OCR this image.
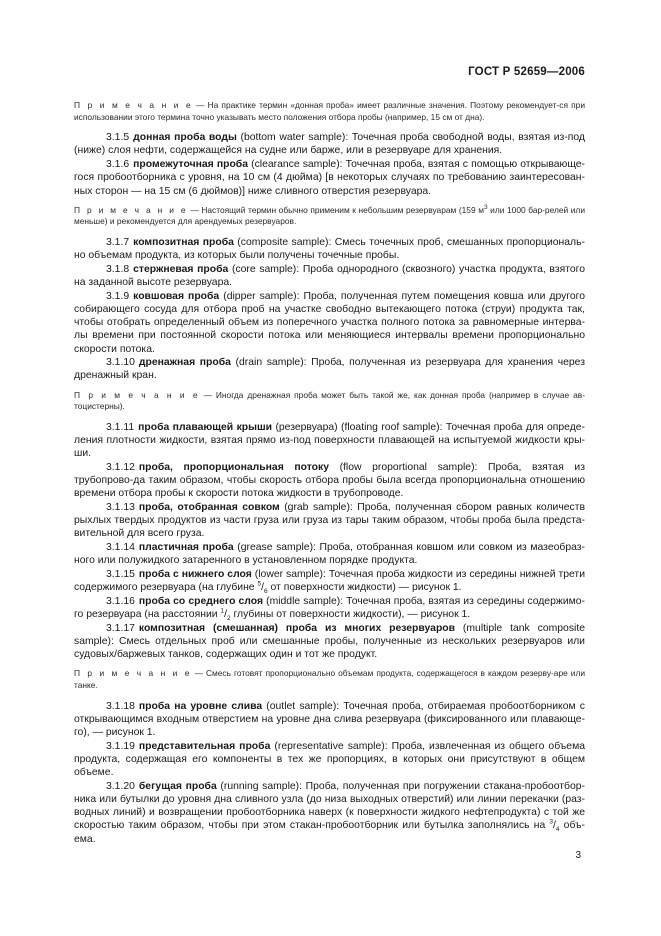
ГОСТ Р 52659—2006

П р и м е ч а н и е — На практике термин «донная проба» имеет различные значения. Поэтому рекомендует-ся при использовании этого термина точно указывать место положения отбора пробы (например, 15 см от дна).

3.1.5 донная проба воды (bottom water sample): Точечная проба свободной воды, взятая из-под (ниже) слоя нефти, содержащейся на судне или барже, или в резервуаре для хранения.

3.1.6 промежуточная проба (clearance sample): Точечная проба, взятая с помощью открывающе-гося пробоотборника с уровня, на 10 см (4 дюйма) [в некоторых случаях по требованию заинтересован-ных сторон — на 15 см (6 дюймов)] ниже сливного отверстия резервуара.

П р и м е ч а н и е — Настоящий термин обычно применим к небольшим резервуарам (159 $м^3$ или 1000 бар-релей или меньше) и рекомендуется для арендуемых резервуаров.

3.1.7 композитная проба (composite sample): Смесь точечных проб, смешанных пропорциональ-но объемам продукта, из которых были получены точечные пробы.

3.1.8 стержневая проба (core sample): Проба однородного (сквозного) участка продукта, взятого на заданной высоте резервуара.

3.1.9 ковшовая проба (dipper sample): Проба, полученная путем помещения ковша или другого собирающего сосуда для отбора проб на участке свободно вытекающего потока (струи) продукта так, чтобы отобрать определенный объем из поперечного участка полного потока за равномерные интерва-лы времени при постоянной скорости потока или меняющиеся интервалы времени пропорционально скорости потока.

3.1.10 дренажная проба (drain sample): Проба, полученная из резервуара для хранения через дренажный кран.

П р и м е ч а н и е — Иногда дренажная проба может быть такой же, как донная проба (например в случае ав-тоцистерны).

3.1.11 проба плавающей крыши (резервуара) (floating roof sample): Точечная проба для опреде-ления плотности жидкости, взятая прямо из-под поверхности плавающей на испытуемой жидкости кры-ши.

3.1.12 проба, пропорциональная потоку (flow proportional sample): Проба, взятая из трубопрово-да таким образом, чтобы скорость отбора пробы была всегда пропорциональна отношению времени отбора пробы к скорости потока жидкости в трубопроводе.

3.1.13 проба, отобранная совком (grab sample): Проба, полученная сбором равных количеств рыхлых твердых продуктов из части груза или груза из тары таким образом, чтобы проба была предста-вительной для всего груза.

3.1.14 пластичная проба (grease sample): Проба, отобранная ковшом или совком из мазеобраз-ного или полужидкого затаренного в установленном порядке продукта.

3.1.15 проба с нижнего слоя (lower sample): Точечная проба жидкости из середины нижней трети содержимого резервуара (на глубине $^5/_6$ от поверхности жидкости) — рисунок 1.

3.1.16 проба со среднего слоя (middle sample): Точечная проба, взятая из середины содержимо-го резервуара (на расстоянии $^1/_2$ глубины от поверхности жидкости), — рисунок 1.

3.1.17 композитная (смешанная) проба из многих резервуаров (multiple tank composite sample): Смесь отдельных проб или смешанные пробы, полученные из нескольких резервуаров или судовых/баржевых танков, содержащих один и тот же продукт.

П р и м е ч а н и е — Смесь готовят пропорционально объемам продукта, содержащегося в каждом резерву-аре или танке.

3.1.18 проба на уровне слива (outlet sample): Точечная проба, отбираемая пробоотборником с открывающимся входным отверстием на уровне дна слива резервуара (фиксированного или плавающе-го), — рисунок 1.

3.1.19 представительная проба (representative sample): Проба, извлеченная из общего объема продукта, содержащая его компоненты в тех же пропорциях, в которых они присутствуют в общем объеме.

3.1.20 бегущая проба (running sample): Проба, полученная при погружении стакана-пробоотбор-ника или бутылки до уровня дна сливного узла (до низа выходных отверстий) или линии перекачки (раз-водных линий) и возвращении пробоотборника наверх (к поверхности жидкого нефтепродукта) с той же скоростью таким образом, чтобы при этом стакан-пробоотборник или бутылка заполнялись на $^3/_4$ объ-ема.

3
